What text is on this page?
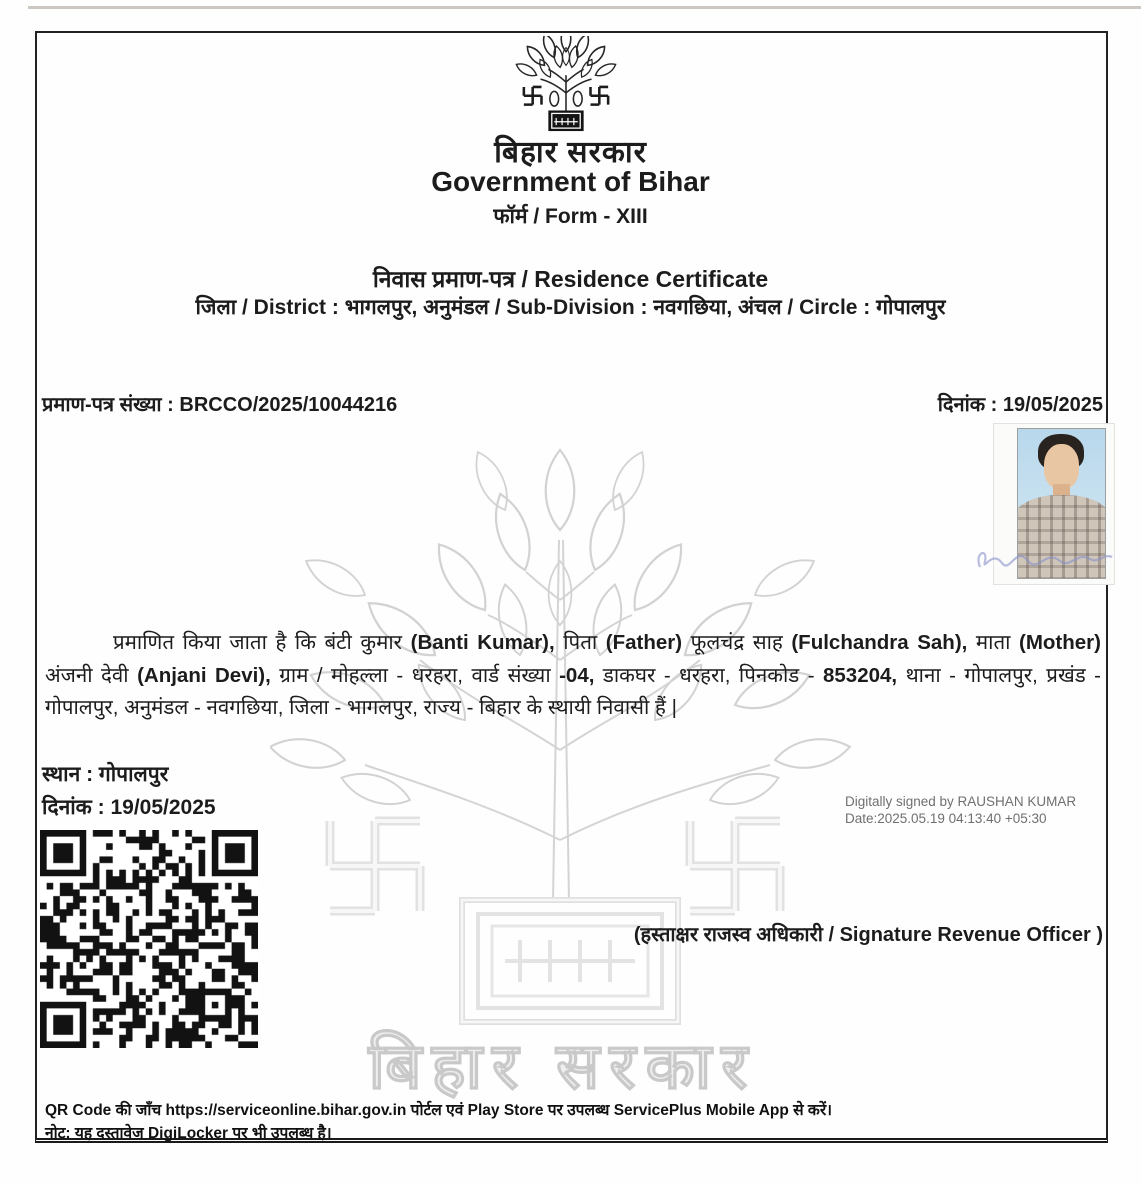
बिहार सरकार
बिहार सरकार
Government of Bihar
फॉर्म / Form - XIII
निवास प्रमाण-पत्र / Residence Certificate
जिला / District : भागलपुर, अनुमंडल / Sub-Division : नवगछिया, अंचल / Circle : गोपालपुर
प्रमाण-पत्र संख्या : BRCCO/2025/10044216	दिनांक : 19/05/2025
प्रमाणित किया जाता है कि बंटी कुमार (Banti Kumar), पिता (Father) फूलचंद्र साह (Fulchandra Sah), माता (Mother) अंजनी देवी (Anjani Devi), ग्राम / मोहल्ला - धरहरा, वार्ड संख्या -04, डाकघर - धरहरा, पिनकोड - 853204, थाना - गोपालपुर, प्रखंड - गोपालपुर, अनुमंडल - नवगछिया, जिला - भागलपुर, राज्य - बिहार के स्थायी निवासी हैं |
स्थान : गोपालपुर
दिनांक : 19/05/2025	Digitally signed by RAUSHAN KUMAR
Date:2025.05.19 04:13:40 +05:30
(हस्ताक्षर राजस्व अधिकारी / Signature Revenue Officer )
QR Code की जाँच https://serviceonline.bihar.gov.in पोर्टल एवं Play Store पर उपलब्ध ServicePlus Mobile App से करें।
नोट: यह दस्तावेज DigiLocker पर भी उपलब्ध है।
